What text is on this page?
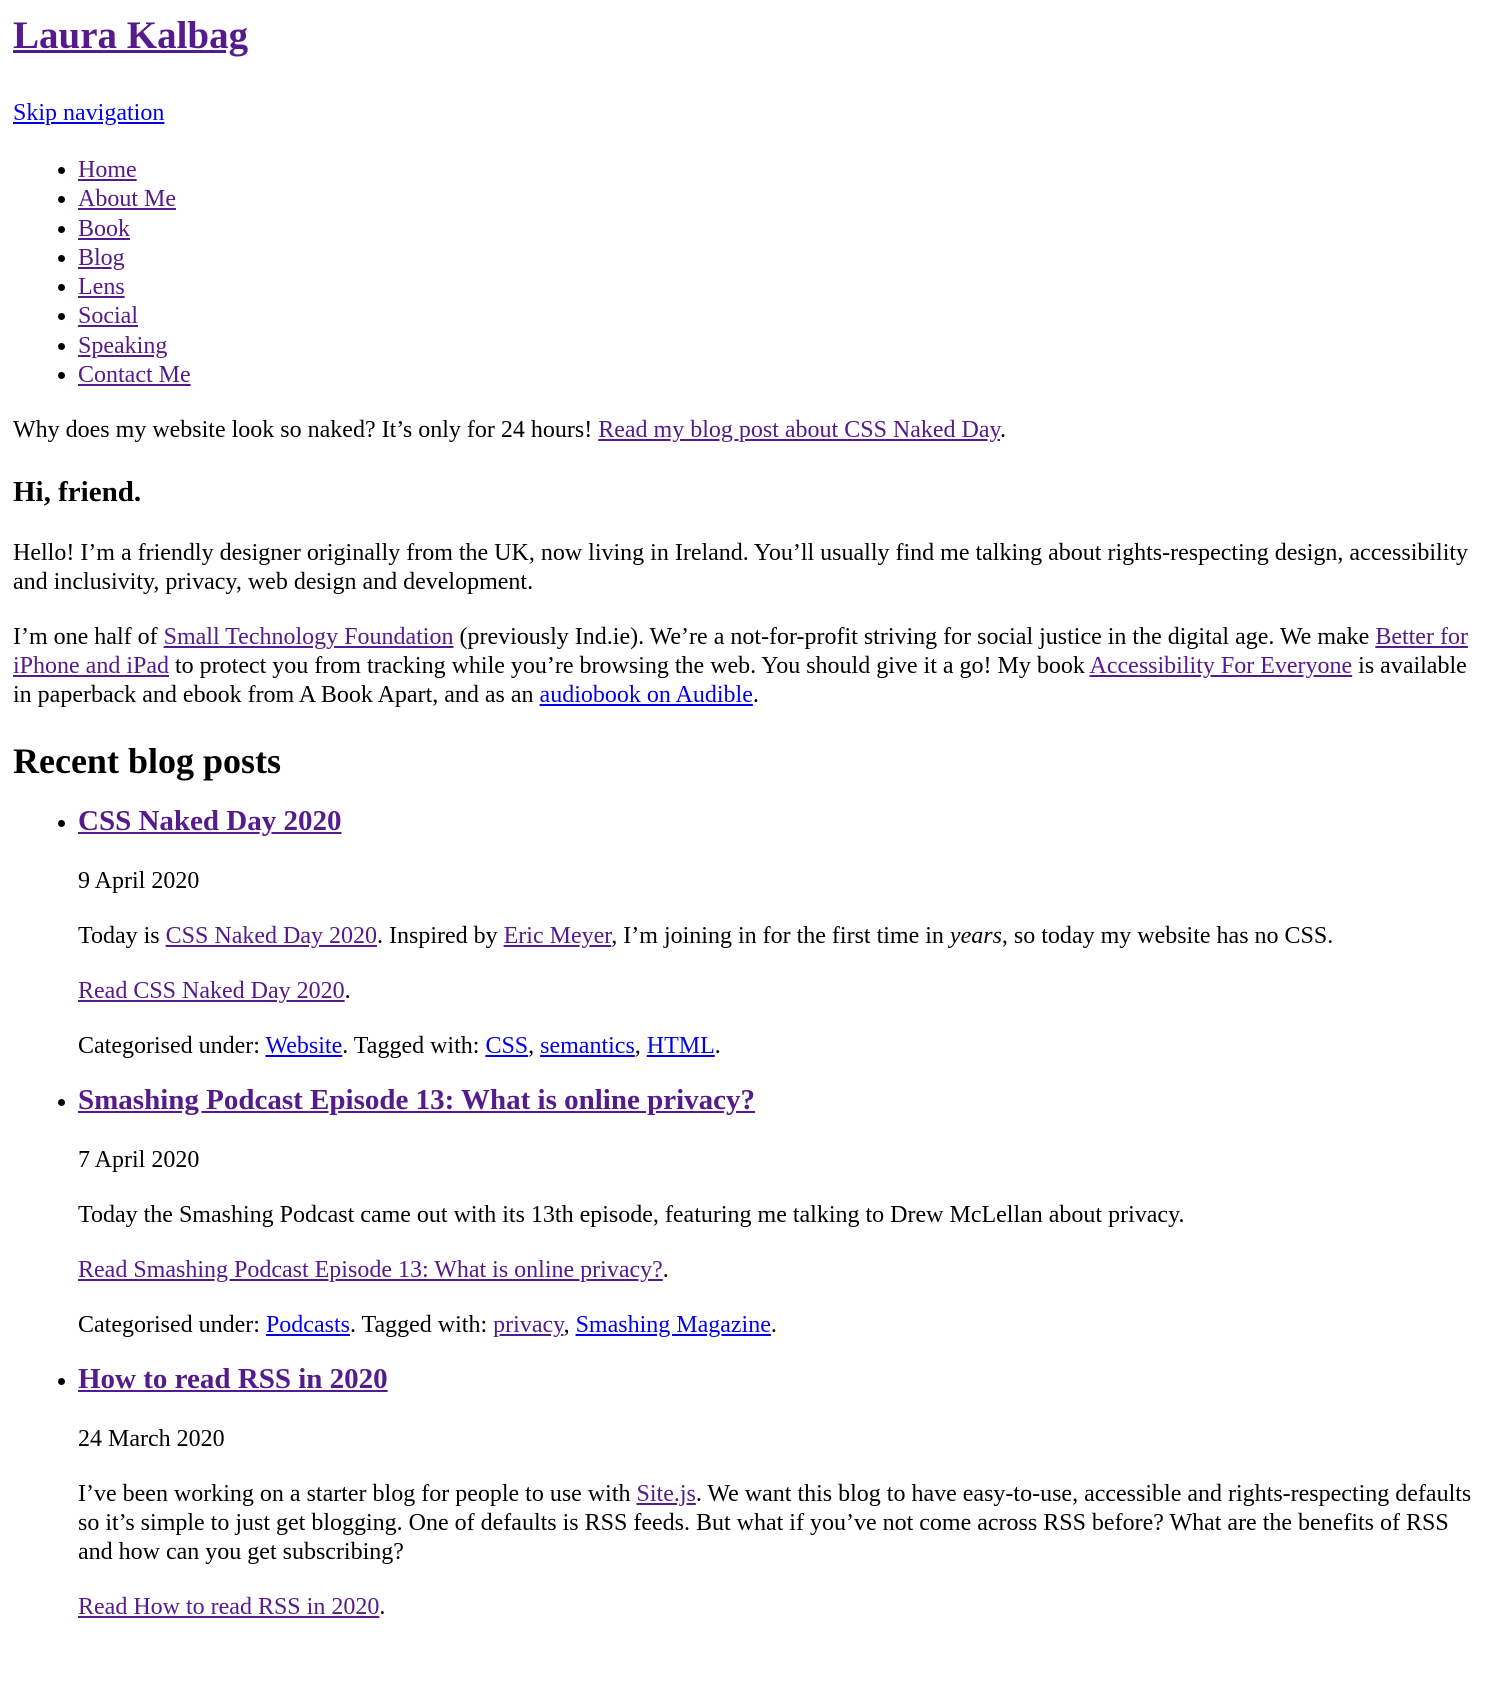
Laura Kalbag

Skip navigation

• Home
• About Me
• Book
• Blog
• Lens
• Social
• Speaking
• Contact Me

Why does my website look so naked? It’s only for 24 hours! Read my blog post about CSS Naked Day.

Hi, friend.

Hello! I’m a friendly designer originally from the UK, now living in Ireland. You’ll usually find me talking about rights-respecting design, accessibility and inclusivity, privacy, web design and development.

I’m one half of Small Technology Foundation (previously Ind.ie). We’re a not-for-profit striving for social justice in the digital age. We make Better for iPhone and iPad to protect you from tracking while you’re browsing the web. You should give it a go! My book Accessibility For Everyone is available in paperback and ebook from A Book Apart, and as an audiobook on Audible.

Recent blog posts
• CSS Naked Day 2020

9 April 2020

Today is CSS Naked Day 2020. Inspired by Eric Meyer, I’m joining in for the first time in years, so today my website has no CSS.

Read CSS Naked Day 2020.

Categorised under: Website. Tagged with: CSS, semantics, HTML.

• Smashing Podcast Episode 13: What is online privacy?

7 April 2020

Today the Smashing Podcast came out with its 13th episode, featuring me talking to Drew McLellan about privacy.

Read Smashing Podcast Episode 13: What is online privacy?.

Categorised under: Podcasts. Tagged with: privacy, Smashing Magazine.

• How to read RSS in 2020

24 March 2020

I’ve been working on a starter blog for people to use with Site.js. We want this blog to have easy-to-use, accessible and rights-respecting defaults so it’s simple to just get blogging. One of defaults is RSS feeds. But what if you’ve not come across RSS before? What are the benefits of RSS and how can you get subscribing?

Read How to read RSS in 2020.
